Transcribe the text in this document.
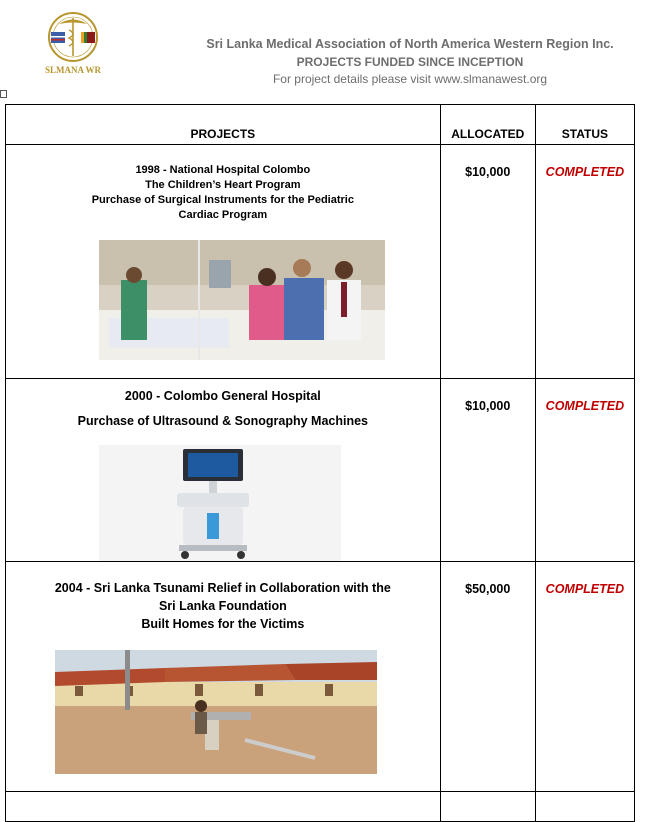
SLMANA WR
Sri Lanka Medical Association of North America Western Region Inc.
PROJECTS FUNDED SINCE INCEPTION
For project details please visit www.slmanawest.org
PROJECTS	ALLOCATED	STATUS

1998 - National Hospital Colombo
The Children’s Heart Program
Purchase of Surgical Instruments for the Pediatric
Cardiac Program	$10,000	COMPLETED

2000 - Colombo General Hospital
Purchase of Ultrasound & Sonography Machines	$10,000	COMPLETED

2004 - Sri Lanka Tsunami Relief in Collaboration with the
Sri Lanka Foundation
Built Homes for the Victims	$50,000	COMPLETED
